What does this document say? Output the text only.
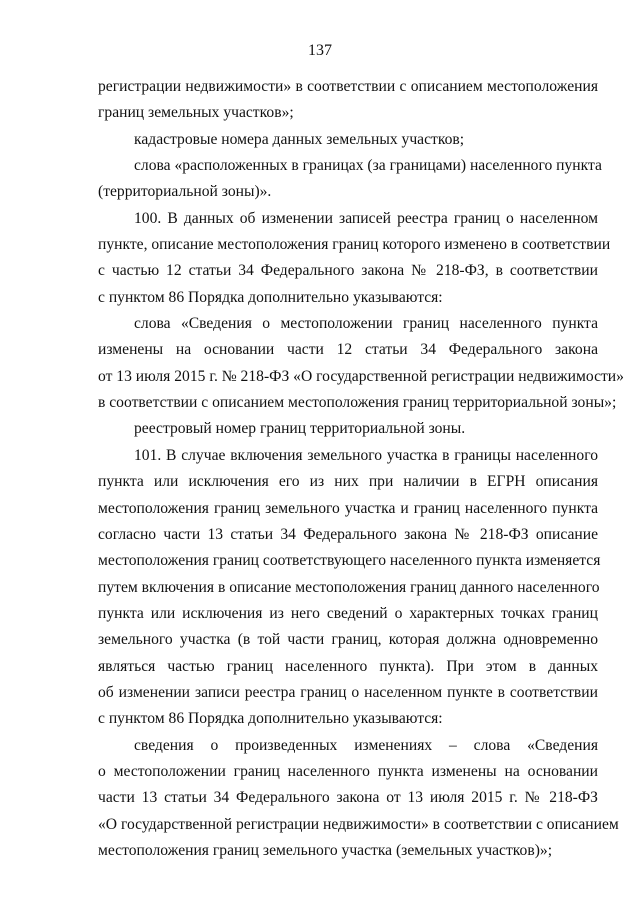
137
регистрации недвижимости» в соответствии с описанием местоположения
границ земельных участков»;
кадастровые номера данных земельных участков;
слова «расположенных в границах (за границами) населенного пункта
(территориальной зоны)».
100. В данных об изменении записей реестра границ о населенном
пункте, описание местоположения границ которого изменено в соответствии
с частью 12 статьи 34 Федерального закона № 218-ФЗ, в соответствии
с пунктом 86 Порядка дополнительно указываются:
слова «Сведения о местоположении границ населенного пункта
изменены на основании части 12 статьи 34 Федерального закона
от 13 июля 2015 г. № 218-ФЗ «О государственной регистрации недвижимости»
в соответствии с описанием местоположения границ территориальной зоны»;
реестровый номер границ территориальной зоны.
101. В случае включения земельного участка в границы населенного
пункта или исключения его из них при наличии в ЕГРН описания
местоположения границ земельного участка и границ населенного пункта
согласно части 13 статьи 34 Федерального закона № 218-ФЗ описание
местоположения границ соответствующего населенного пункта изменяется
путем включения в описание местоположения границ данного населенного
пункта или исключения из него сведений о характерных точках границ
земельного участка (в той части границ, которая должна одновременно
являться частью границ населенного пункта). При этом в данных
об изменении записи реестра границ о населенном пункте в соответствии
с пунктом 86 Порядка дополнительно указываются:
сведения о произведенных изменениях – слова «Сведения
о местоположении границ населенного пункта изменены на основании
части 13 статьи 34 Федерального закона от 13 июля 2015 г. № 218-ФЗ
«О государственной регистрации недвижимости» в соответствии с описанием
местоположения границ земельного участка (земельных участков)»;
